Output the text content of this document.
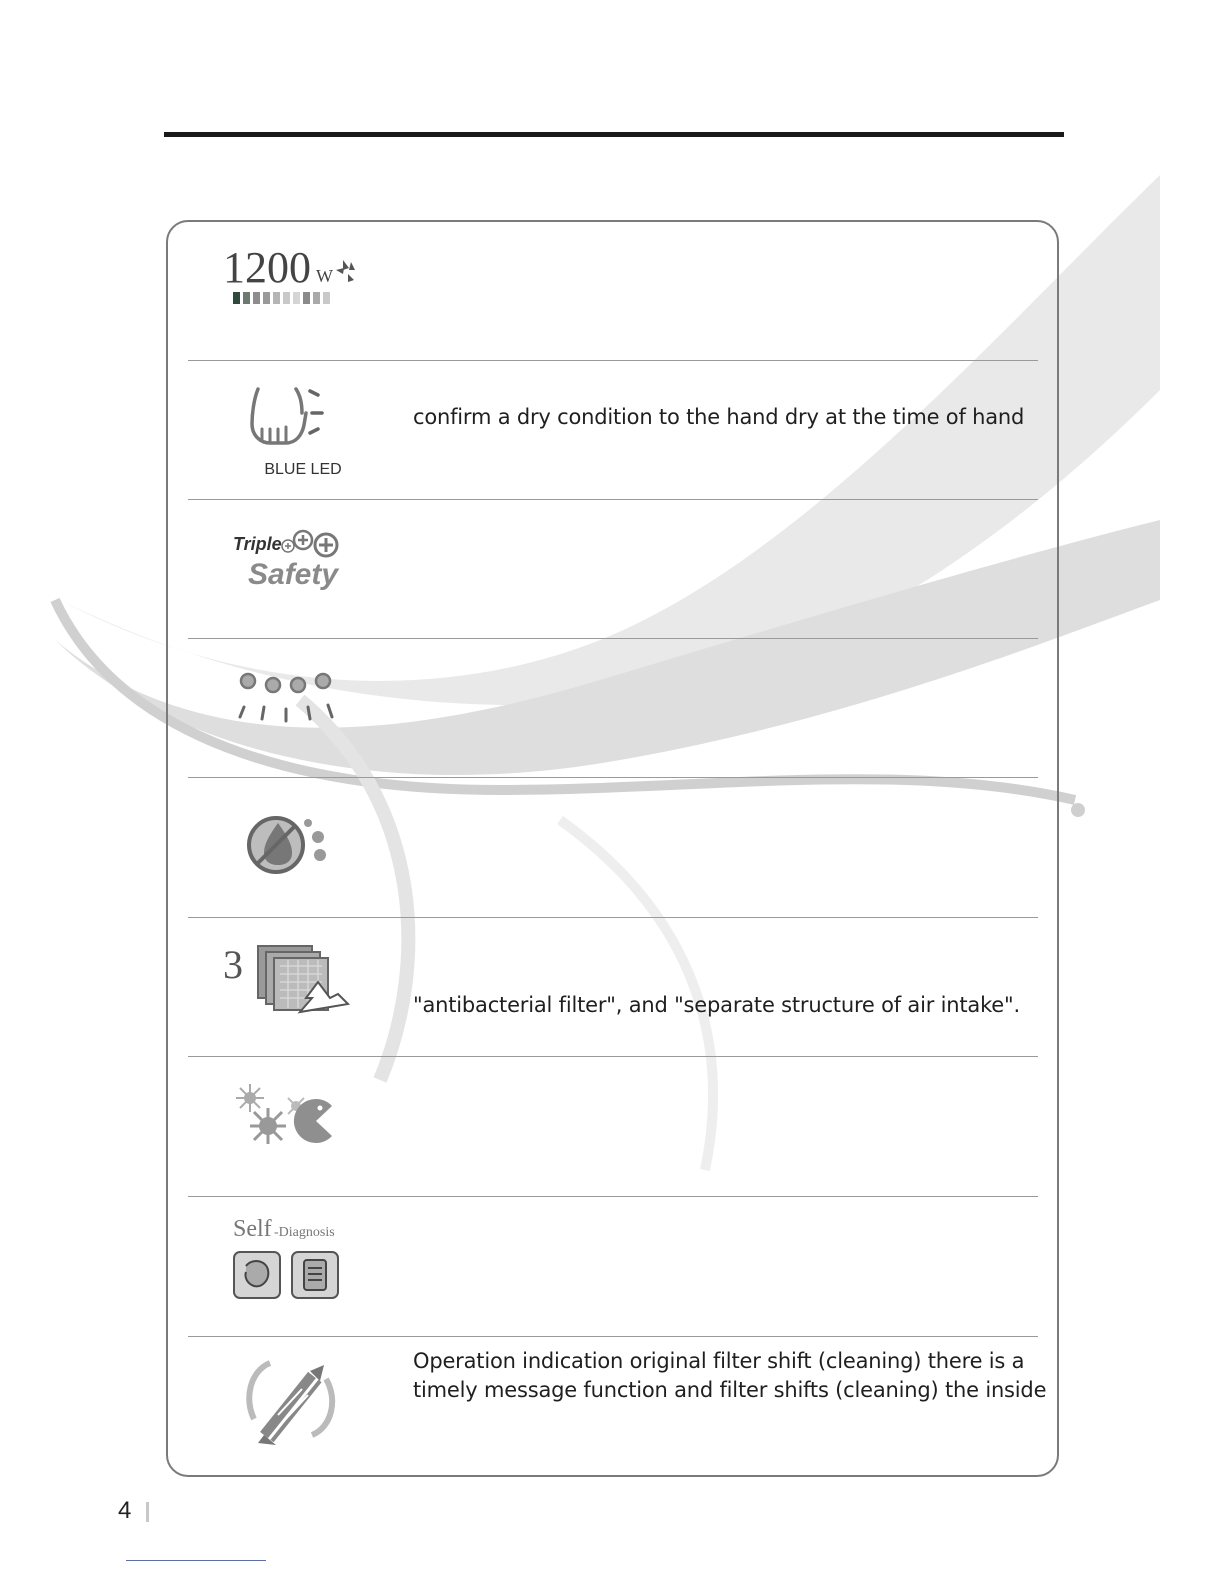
1200 W
BLUE LED
confirm a dry condition to the hand dry at the time of hand
Triple
Safety
3
"antibacterial filter", and "separate structure of air intake".
Self -Diagnosis
Operation indication original filter shift (cleaning) there is a
timely message function and filter shifts (cleaning) the inside
4
